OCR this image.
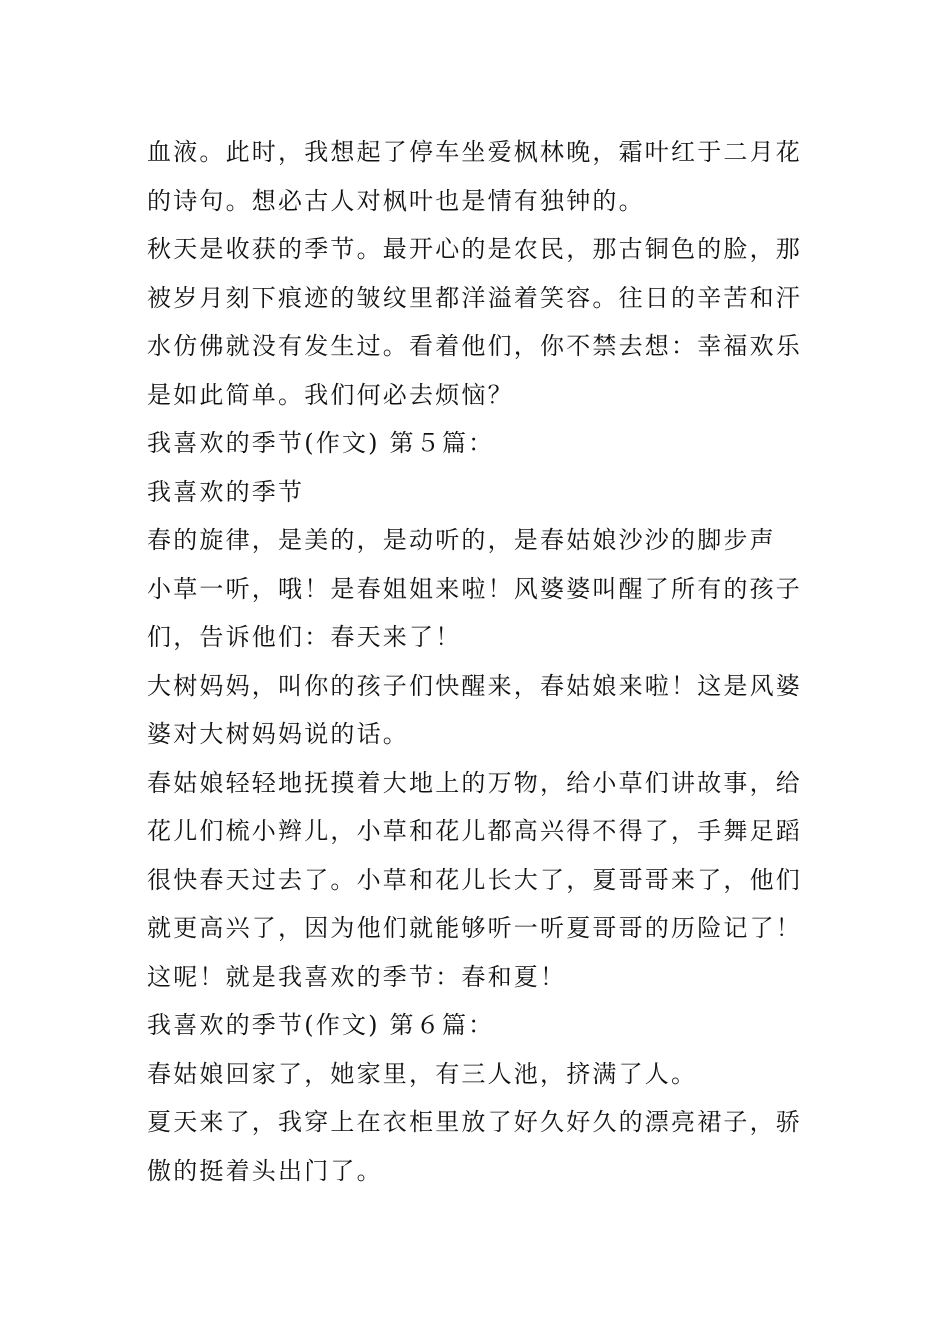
血液。此时，我想起了停车坐爱枫林晚，霜叶红于二月花的诗句。想必古人对枫叶也是情有独钟的。

秋天是收获的季节。最开心的是农民，那古铜色的脸，那被岁月刻下痕迹的皱纹里都洋溢着笑容。往日的辛苦和汗水仿佛就没有发生过。看着他们，你不禁去想：幸福欢乐是如此简单。我们何必去烦恼？

我喜欢的季节(作文) 第５篇：

我喜欢的季节

春的旋律，是美的，是动听的，是春姑娘沙沙的脚步声

小草一听，哦！是春姐姐来啦！风婆婆叫醒了所有的孩子们，告诉他们：春天来了！

大树妈妈，叫你的孩子们快醒来，春姑娘来啦！这是风婆婆对大树妈妈说的话。

春姑娘轻轻地抚摸着大地上的万物，给小草们讲故事，给花儿们梳小辫儿，小草和花儿都高兴得不得了，手舞足蹈很快春天过去了。小草和花儿长大了，夏哥哥来了，他们就更高兴了，因为他们就能够听一听夏哥哥的历险记了！

这呢！就是我喜欢的季节：春和夏！

我喜欢的季节(作文) 第６篇：

春姑娘回家了，她家里，有三人池，挤满了人。

夏天来了，我穿上在衣柜里放了好久好久的漂亮裙子，骄傲的挺着头出门了。
